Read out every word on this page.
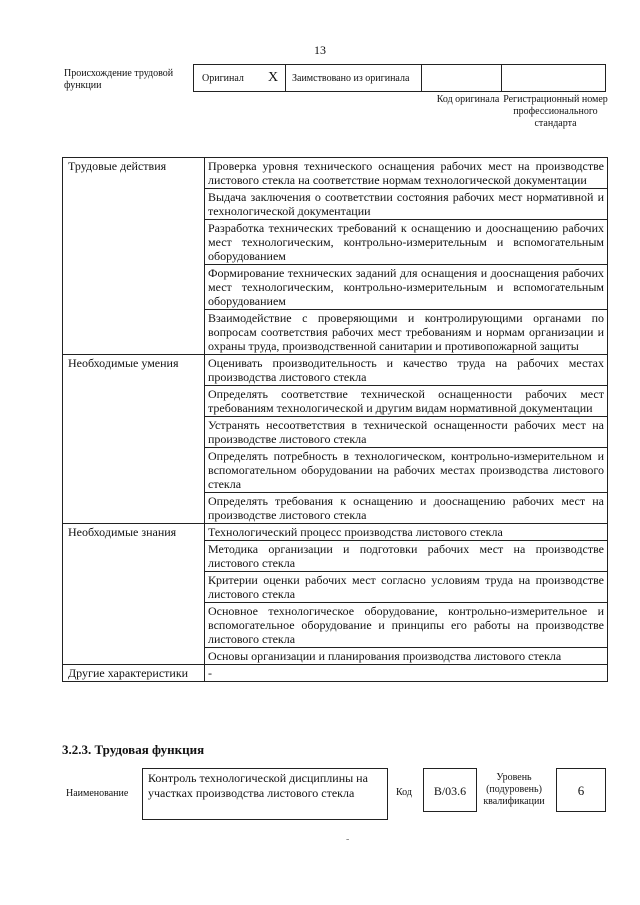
13
Происхождение трудовой функции
Оригинал X Заимствовано из оригинала
Код оригинала Регистрационный номер профессионального стандарта
Трудовые действия	Проверка уровня технического оснащения рабочих мест на производстве листового стекла на соответствие нормам технологической документации
	Выдача заключения о соответствии состояния рабочих мест нормативной и технологической документации
	Разработка технических требований к оснащению и дооснащению рабочих мест технологическим, контрольно-измерительным и вспомогательным оборудованием
	Формирование технических заданий для оснащения и дооснащения рабочих мест технологическим, контрольно-измерительным и вспомогательным оборудованием
	Взаимодействие с проверяющими и контролирующими органами по вопросам соответствия рабочих мест требованиям и нормам организации и охраны труда, производственной санитарии и противопожарной защиты
Необходимые умения	Оценивать производительность и качество труда на рабочих местах производства листового стекла
	Определять соответствие технической оснащенности рабочих мест требованиям технологической и другим видам нормативной документации
	Устранять несоответствия в технической оснащенности рабочих мест на производстве листового стекла
	Определять потребность в технологическом, контрольно-измерительном и вспомогательном оборудовании на рабочих местах производства листового стекла
	Определять требования к оснащению и дооснащению рабочих мест на производстве листового стекла
Необходимые знания	Технологический процесс производства листового стекла
	Методика организации и подготовки рабочих мест на производстве листового стекла
	Критерии оценки рабочих мест согласно условиям труда на производстве листового стекла
	Основное технологическое оборудование, контрольно-измерительное и вспомогательное оборудование и принципы его работы на производстве листового стекла
	Основы организации и планирования производства листового стекла
Другие характеристики	-
3.2.3. Трудовая функция
Наименование
Контроль технологической дисциплины на участках производства листового стекла	Код	B/03.6
Уровень (подуровень) квалификации
6
-
